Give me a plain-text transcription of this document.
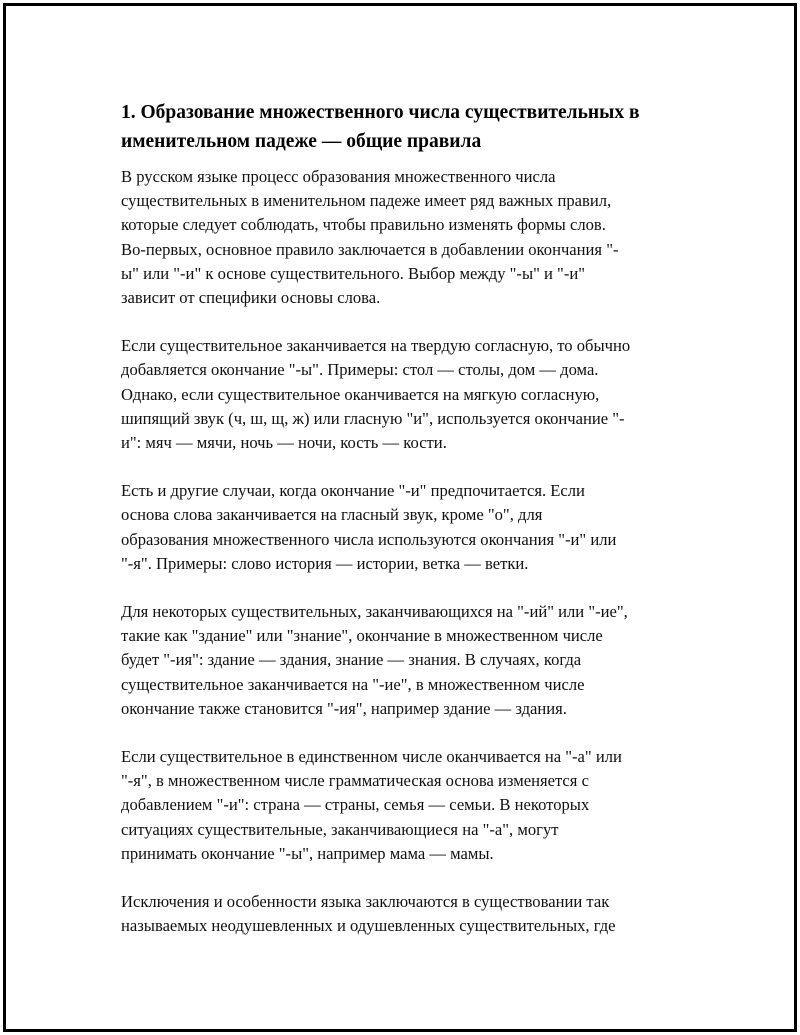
1. Образование множественного числа существительных в
именительном падеже — общие правила

В русском языке процесс образования множественного числа
существительных в именительном падеже имеет ряд важных правил,
которые следует соблюдать, чтобы правильно изменять формы слов.
Во-первых, основное правило заключается в добавлении окончания "-
ы" или "-и" к основе существительного. Выбор между "-ы" и "-и"
зависит от специфики основы слова.

Если существительное заканчивается на твердую согласную, то обычно
добавляется окончание "-ы". Примеры: стол — столы, дом — дома.
Однако, если существительное оканчивается на мягкую согласную,
шипящий звук (ч, ш, щ, ж) или гласную "и", используется окончание "-
и": мяч — мячи, ночь — ночи, кость — кости.

Есть и другие случаи, когда окончание "-и" предпочитается. Если
основа слова заканчивается на гласный звук, кроме "о", для
образования множественного числа используются окончания "-и" или
"-я". Примеры: слово история — истории, ветка — ветки.

Для некоторых существительных, заканчивающихся на "-ий" или "-ие",
такие как "здание" или "знание", окончание в множественном числе
будет "-ия": здание — здания, знание — знания. В случаях, когда
существительное заканчивается на "-ие", в множественном числе
окончание также становится "-ия", например здание — здания.

Если существительное в единственном числе оканчивается на "-а" или
"-я", в множественном числе грамматическая основа изменяется с
добавлением "-и": страна — страны, семья — семьи. В некоторых
ситуациях существительные, заканчивающиеся на "-а", могут
принимать окончание "-ы", например мама — мамы.

Исключения и особенности языка заключаются в существовании так
называемых неодушевленных и одушевленных существительных, где
